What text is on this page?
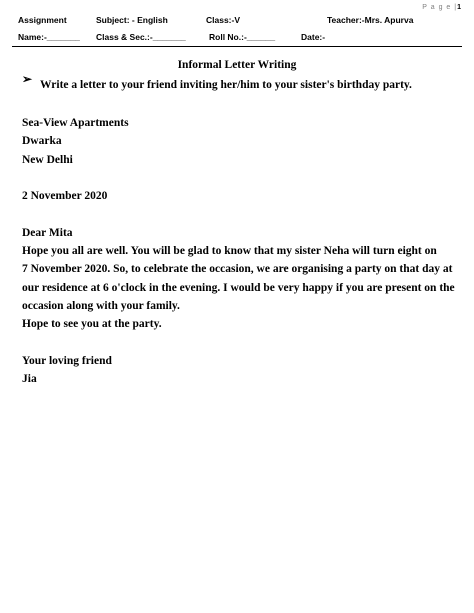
P a g e |1
Assignment	Subject: - English	Class:-V	Teacher:-Mrs. Apurva
Name:-_______ Class & Sec.:-_______	Roll No.:-______	Date:-
Informal Letter Writing
➢ Write a letter to your friend inviting her/him to your sister's birthday party.
Sea-View Apartments
Dwarka
New Delhi
2 November 2020
Dear Mita
Hope you all are well. You will be glad to know that my sister Neha will turn eight on
7 November 2020. So, to celebrate the occasion, we are organising a party on that day at
our residence at 6 o'clock in the evening. I would be very happy if you are present on the
occasion along with your family.
Hope to see you at the party.
Your loving friend
Jia
